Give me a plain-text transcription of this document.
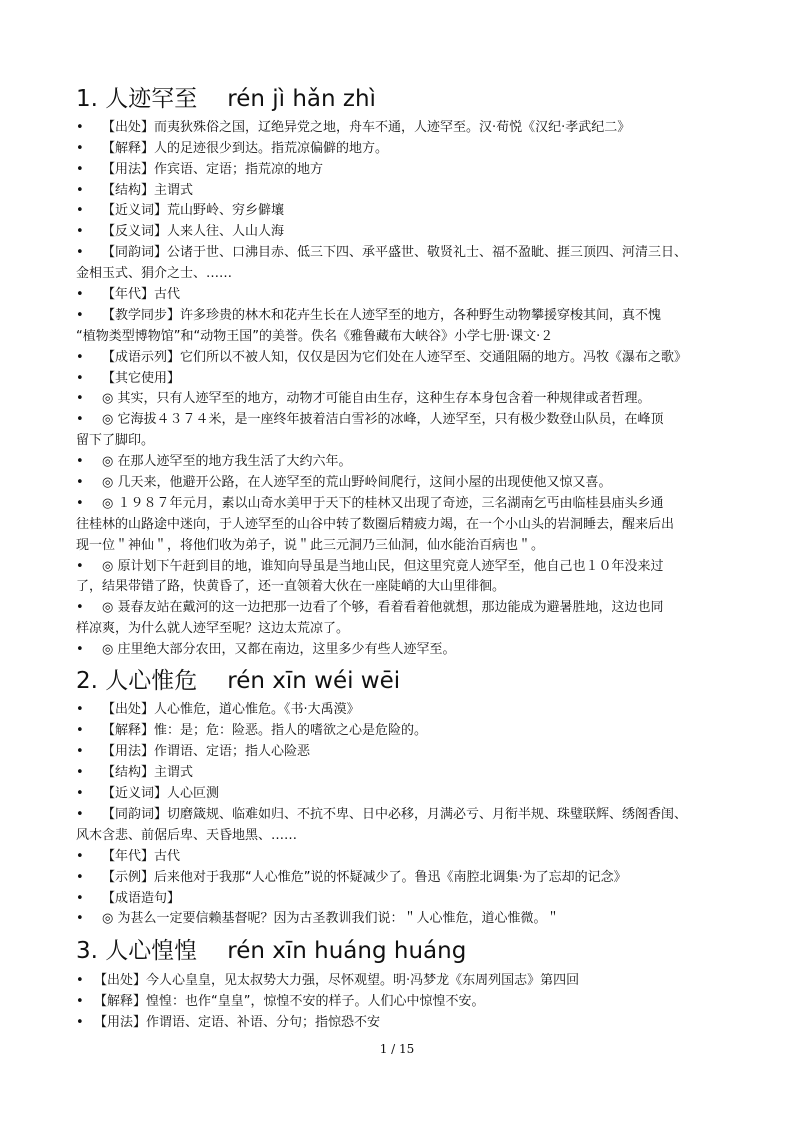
1. 人迹罕至 rén jì hǎn zhì
• 【出处】而夷狄殊俗之国，辽绝异党之地，舟车不通，人迹罕至。汉·荀悦《汉纪·孝武纪二》
• 【解释】人的足迹很少到达。指荒凉偏僻的地方。
• 【用法】作宾语、定语；指荒凉的地方
• 【结构】主谓式
• 【近义词】荒山野岭、穷乡僻壤
• 【反义词】人来人往、人山人海
• 【同韵词】公诸于世、口沸目赤、低三下四、承平盛世、敬贤礼士、福不盈眦、捱三顶四、河清三日、
金相玉式、狷介之士、……
• 【年代】古代
• 【教学同步】许多珍贵的林木和花卉生长在人迹罕至的地方，各种野生动物攀援穿梭其间，真不愧
“植物类型博物馆”和“动物王国”的美誉。佚名《雅鲁藏布大峡谷》小学七册·课文·２
• 【成语示列】它们所以不被人知，仅仅是因为它们处在人迹罕至、交通阻隔的地方。冯牧《瀑布之歌》
• 【其它使用】
• ◎ 其实，只有人迹罕至的地方，动物才可能自由生存，这种生存本身包含着一种规律或者哲理。
• ◎ 它海拔４３７４米，是一座终年披着洁白雪衫的冰峰，人迹罕至，只有极少数登山队员，在峰顶
留下了脚印。
• ◎ 在那人迹罕至的地方我生活了大约六年。
• ◎ 几天来，他避开公路，在人迹罕至的荒山野岭间爬行，这间小屋的出现使他又惊又喜。
• ◎ １９８７年元月，素以山奇水美甲于天下的桂林又出现了奇迹，三名湖南乞丐由临桂县庙头乡通
往桂林的山路途中迷向，于人迹罕至的山谷中转了数圈后精疲力竭，在一个小山头的岩洞睡去，醒来后出
现一位＂神仙＂，将他们收为弟子，说＂此三元洞乃三仙洞，仙水能治百病也＂。
• ◎ 原计划下午赶到目的地，谁知向导虽是当地山民，但这里究竟人迹罕至，他自己也１０年没来过
了，结果带错了路，快黄昏了，还一直领着大伙在一座陡峭的大山里徘徊。
• ◎ 聂春友站在戴河的这一边把那一边看了个够，看着看着他就想，那边能成为避暑胜地，这边也同
样凉爽，为什么就人迹罕至呢？这边太荒凉了。
• ◎ 庄里绝大部分农田，又都在南边，这里多少有些人迹罕至。
2. 人心惟危 rén xīn wéi wēi
• 【出处】人心惟危，道心惟危。《书·大禹漠》
• 【解释】惟：是；危：险恶。指人的嗜欲之心是危险的。
• 【用法】作谓语、定语；指人心险恶
• 【结构】主谓式
• 【近义词】人心叵测
• 【同韵词】切磨箴规、临难如归、不抗不卑、日中必移，月满必亏、月衔半规、珠璧联辉、绣阁香闺、
风木含悲、前倨后卑、天昏地黑、……
• 【年代】古代
• 【示例】后来他对于我那“人心惟危”说的怀疑减少了。鲁迅《南腔北调集·为了忘却的记念》
• 【成语造句】
• ◎ 为甚么一定要信赖基督呢？因为古圣教训我们说：＂人心惟危，道心惟微。＂
3. 人心惶惶 rén xīn huáng huáng
• 【出处】今人心皇皇，见太叔势大力强，尽怀观望。明·冯梦龙《东周列国志》第四回
• 【解释】惶惶：也作“皇皇”，惊惶不安的样子。人们心中惊惶不安。
• 【用法】作谓语、定语、补语、分句；指惊恐不安
1 / 15
